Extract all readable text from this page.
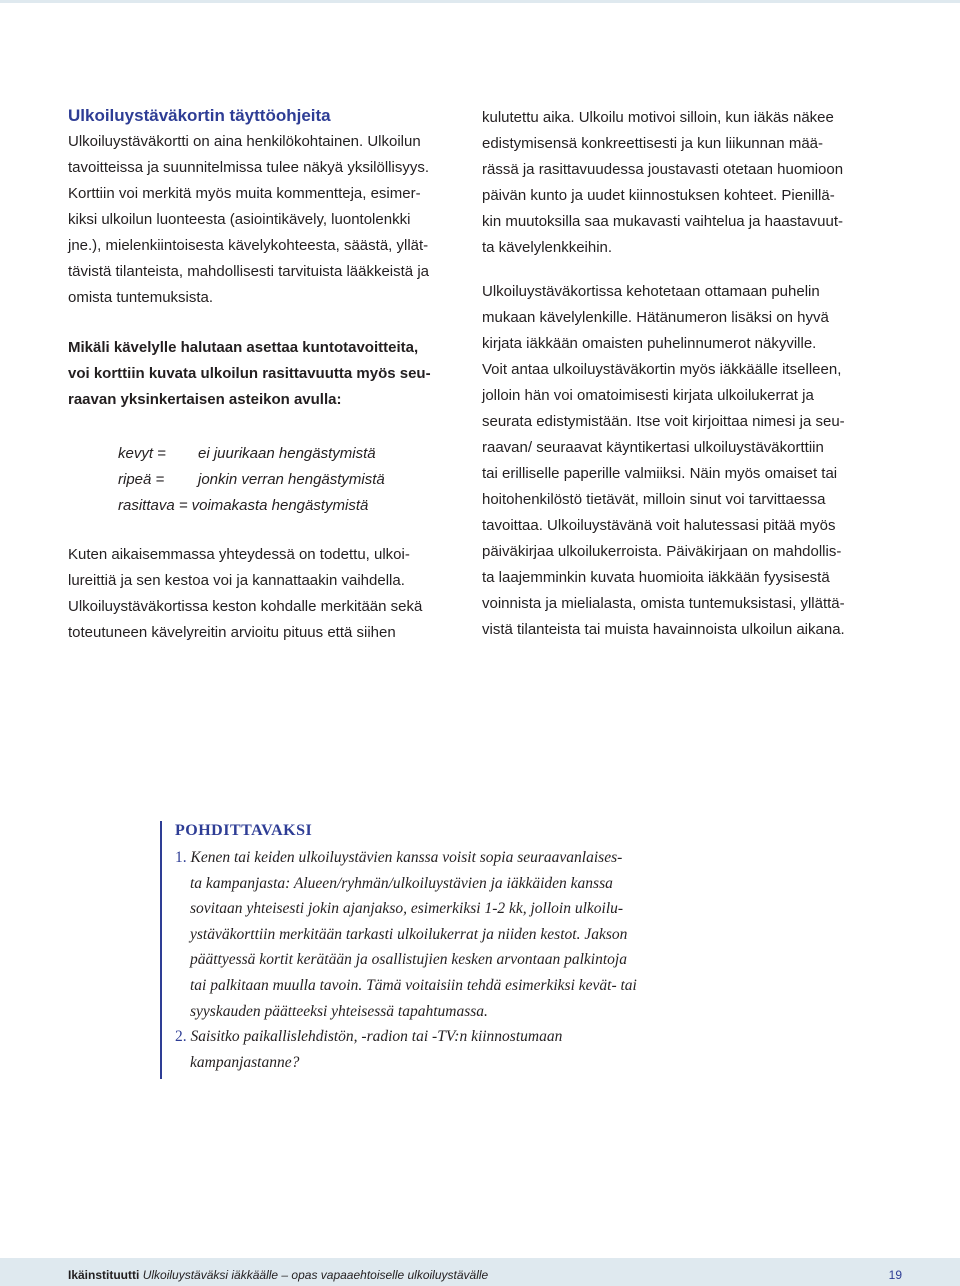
Ulkoiluystäväkortin täyttöohjeita
Ulkoiluystäväkortti on aina henkilökohtainen. Ulkoilun
tavoitteissa ja suunnitelmissa tulee näkyä yksilöllisyys.
Korttiin voi merkitä myös muita kommentteja, esimer-
kiksi ulkoilun luonteesta (asiointikävely, luontolenkki
jne.), mielenkiintoisesta kävelykohteesta, säästä, yllät-
tävistä tilanteista, mahdollisesti tarvituista lääkkeistä ja
omista tuntemuksista.
Mikäli kävelylle halutaan asettaa kuntotavoitteita,
voi korttiin kuvata ulkoilun rasittavuutta myös seu-
raavan yksinkertaisen asteikon avulla:
kevyt =	ei juurikaan hengästymistä
ripeä =	jonkin verran hengästymistä
rasittava = voimakasta hengästymistä
Kuten aikaisemmassa yhteydessä on todettu, ulkoi-
lureittiä ja sen kestoa voi ja kannattaakin vaihdella.
Ulkoiluystäväkortissa keston kohdalle merkitään sekä
toteutuneen kävelyreitin arvioitu pituus että siihen
kulutettu aika. Ulkoilu motivoi silloin, kun iäkäs näkee
edistymisensä konkreettisesti ja kun liikunnan mää-
rässä ja rasittavuudessa joustavasti otetaan huomioon
päivän kunto ja uudet kiinnostuksen kohteet. Pienillä-
kin muutoksilla saa mukavasti vaihtelua ja haastavuut-
ta kävelylenkkeihin.
Ulkoiluystäväkortissa kehotetaan ottamaan puhelin
mukaan kävelylenkille. Hätänumeron lisäksi on hyvä
kirjata iäkkään omaisten puhelinnumerot näkyville.
Voit antaa ulkoiluystäväkortin myös iäkkäälle itselleen,
jolloin hän voi omatoimisesti kirjata ulkoilukerrat ja
seurata edistymistään. Itse voit kirjoittaa nimesi ja seu-
raavan/ seuraavat käyntikertasi ulkoiluystäväkorttiin
tai erilliselle paperille valmiiksi. Näin myös omaiset tai
hoitohenkilöstö tietävät, milloin sinut voi tarvittaessa
tavoittaa. Ulkoiluystävänä voit halutessasi pitää myös
päiväkirjaa ulkoilukerroista. Päiväkirjaan on mahdollis-
ta laajemminkin kuvata huomioita iäkkään fyysisestä
voinnista ja mielialasta, omista tuntemuksistasi, yllättä-
vistä tilanteista tai muista havainnoista ulkoilun aikana.
POHDITTAVAKSI
1. Kenen tai keiden ulkoiluystävien kanssa voisit sopia seuraavanlaises-
ta kampanjasta: Alueen/ryhmän/ulkoiluystävien ja iäkkäiden kanssa
sovitaan yhteisesti jokin ajanjakso, esimerkiksi 1-2 kk, jolloin ulkoilu-
ystäväkorttiin merkitään tarkasti ulkoilukerrat ja niiden kestot. Jakson
päättyessä kortit kerätään ja osallistujien kesken arvontaan palkintoja
tai palkitaan muulla tavoin. Tämä voitaisiin tehdä esimerkiksi kevät- tai
syyskauden päätteeksi yhteisessä tapahtumassa.
2. Saisitko paikallislehdistön, -radion tai -TV:n kiinnostumaan
kampanjastanne?
Ikäinstituutti Ulkoiluystäväksi iäkkäälle – opas vapaaehtoiselle ulkoiluystävälle	19
